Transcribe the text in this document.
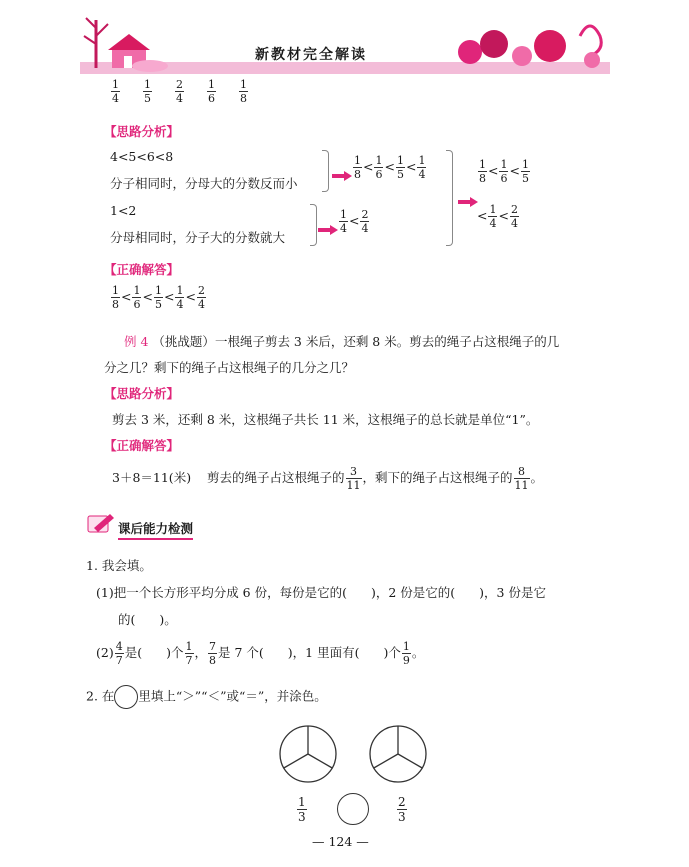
新教材完全解读
$\frac{1}{4}$
$\frac{1}{5}$
$\frac{2}{4}$
$\frac{1}{6}$
$\frac{1}{8}$
【思路分析】
4<5<6<8
分子相同时，分母大的分数反而小
1<2
分母相同时，分子大的分数就大
$\frac{1}{8} < \frac{1}{6} < \frac{1}{5} < \frac{1}{4}$
$\frac{1}{4} < \frac{2}{4}$
$\frac{1}{8} < \frac{1}{6} < \frac{1}{5}$
< $\frac{1}{4} < \frac{2}{4}$
【正确解答】
$\frac{1}{8} < \frac{1}{6} < \frac{1}{5} < \frac{1}{4} < \frac{2}{4}$
例 4 （挑战题）一根绳子剪去 3 米后，还剩 8 米。剪去的绳子占这根绳子的几
分之几？剩下的绳子占这根绳子的几分之几？
【思路分析】
剪去 3 米，还剩 8 米，这根绳子共长 11 米，这根绳子的总长就是单位“1”。
【正确解答】
3＋8＝11(米) 剪去的绳子占这根绳子的 $\frac{3}{11}$ ，剩下的绳子占这根绳子的 $\frac{8}{11}$ 。
课后能力检测
1. 我会填。
(1)把一个长方形平均分成 6 份，每份是它的( )，2 份是它的( )，3 份是它
的( )。
$(2) \frac{4}{7}$ 是( )个 $\frac{1}{7}$ ， $\frac{7}{8}$ 是 7 个( )，1 里面有( )个 $\frac{1}{9}$ 。
2. 在 里填上“＞”“＜”或“＝”，并涂色。
$\frac{1}{3}$	$\frac{2}{3}$
— 124 —
